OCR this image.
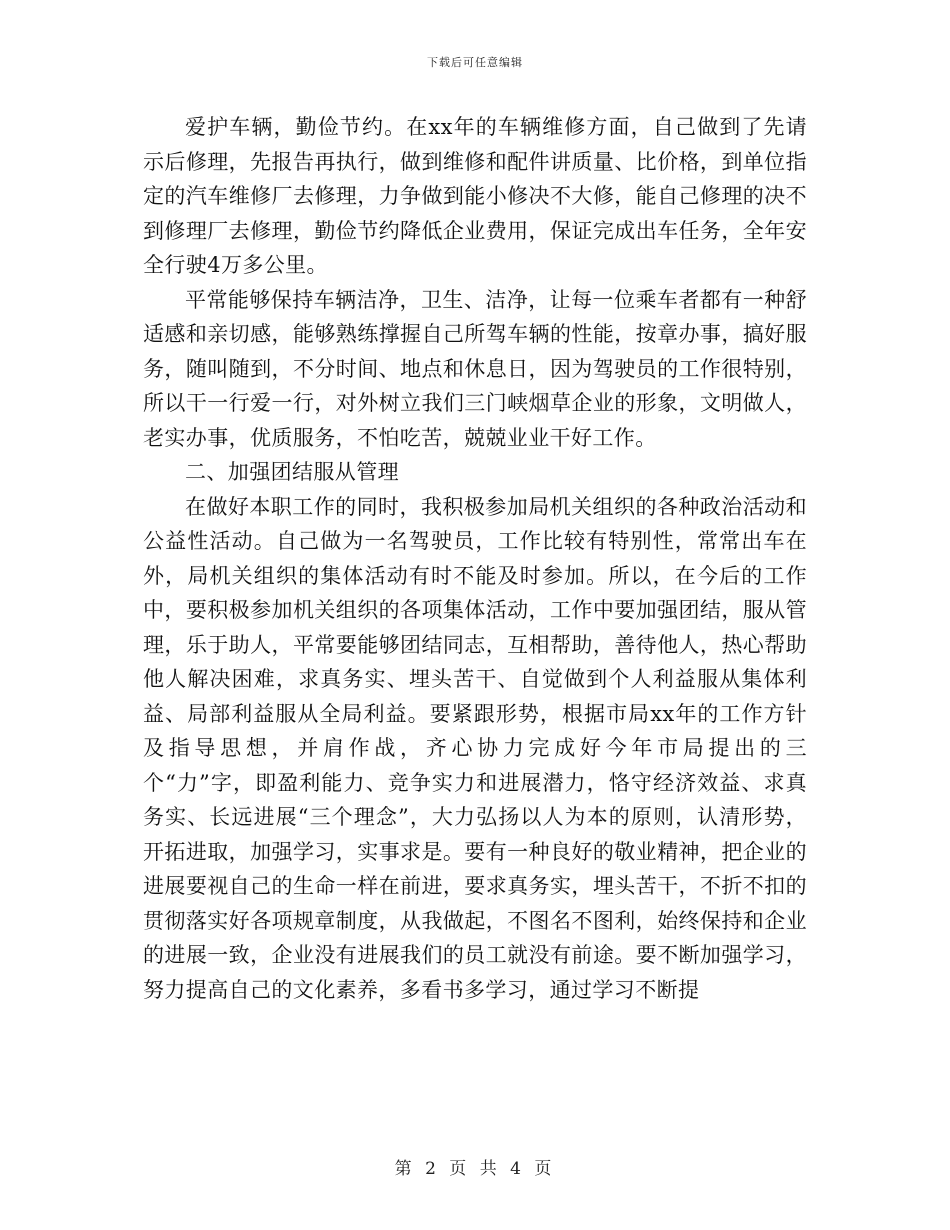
下载后可任意编辑

爱护车辆，勤俭节约。在xx年的车辆维修方面，自己做到了先请示后修理，先报告再执行，做到维修和配件讲质量、比价格，到单位指定的汽车维修厂去修理，力争做到能小修决不大修，能自己修理的决不到修理厂去修理，勤俭节约降低企业费用，保证完成出车任务，全年安全行驶4万多公里。

平常能够保持车辆洁净，卫生、洁净，让每一位乘车者都有一种舒适感和亲切感，能够熟练撑握自己所驾车辆的性能，按章办事，搞好服务，随叫随到，不分时间、地点和休息日，因为驾驶员的工作很特别，所以干一行爱一行，对外树立我们三门峡烟草企业的形象，文明做人，老实办事，优质服务，不怕吃苦，兢兢业业干好工作。

二、加强团结服从管理

在做好本职工作的同时，我积极参加局机关组织的各种政治活动和公益性活动。自己做为一名驾驶员，工作比较有特别性，常常出车在外，局机关组织的集体活动有时不能及时参加。所以，在今后的工作中，要积极参加机关组织的各项集体活动，工作中要加强团结，服从管理，乐于助人，平常要能够团结同志，互相帮助，善待他人，热心帮助他人解决困难，求真务实、埋头苦干、自觉做到个人利益服从集体利益、局部利益服从全局利益。要紧跟形势，根据市局xx年的工作方针及指导思想，并肩作战，齐心协力完成好今年市局提出的三个“力”字，即盈利能力、竞争实力和进展潜力，恪守经济效益、求真务实、长远进展“三个理念”，大力弘扬以人为本的原则，认清形势，开拓进取，加强学习，实事求是。要有一种良好的敬业精神，把企业的进展要视自己的生命一样在前进，要求真务实，埋头苦干，不折不扣的贯彻落实好各项规章制度，从我做起，不图名不图利，始终保持和企业的进展一致，企业没有进展我们的员工就没有前途。要不断加强学习，努力提高自己的文化素养，多看书多学习，通过学习不断提

第 2 页 共 4 页
